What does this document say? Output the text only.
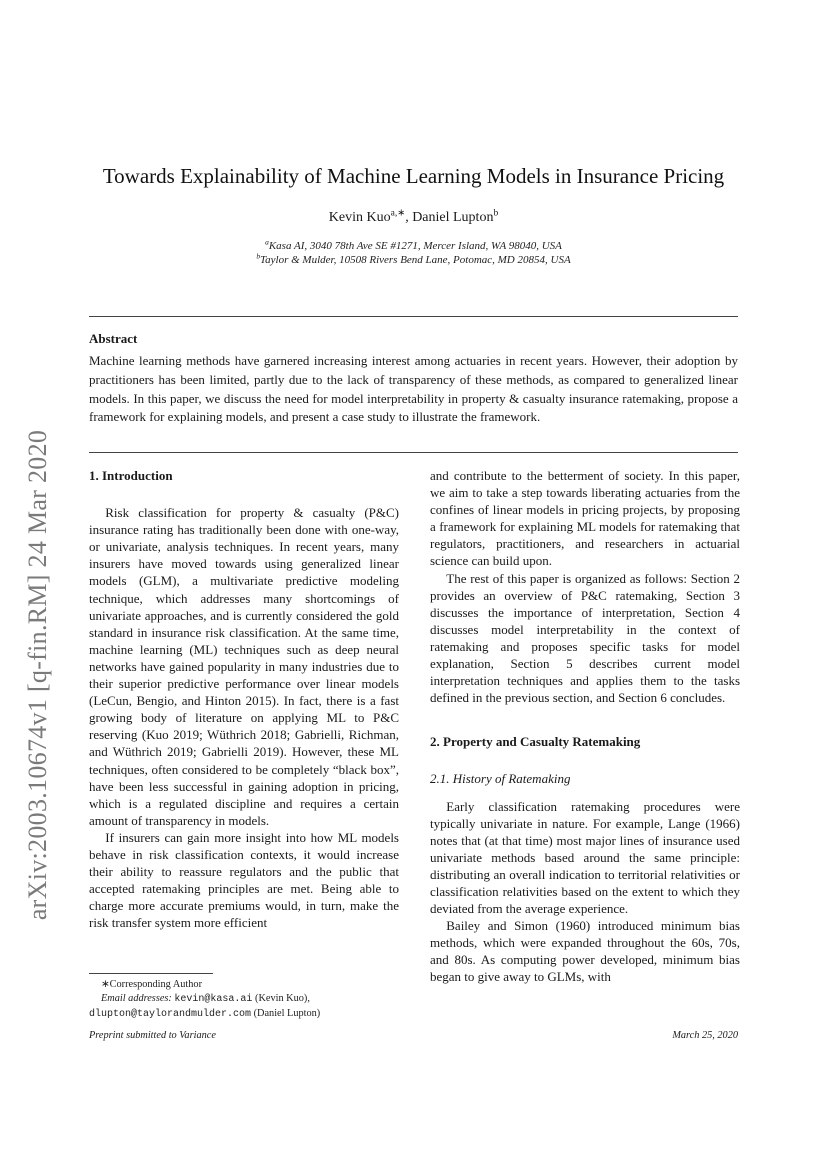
arXiv:2003.10674v1 [q-fin.RM] 24 Mar 2020
Towards Explainability of Machine Learning Models in Insurance Pricing
Kevin Kuo$^{a,∗}$, Daniel Lupton$^b$
$^a$Kasa AI, 3040 78th Ave SE #1271, Mercer Island, WA 98040, USA
$^b$Taylor & Mulder, 10508 Rivers Bend Lane, Potomac, MD 20854, USA
Abstract
Machine learning methods have garnered increasing interest among actuaries in recent years. However, their adoption by practitioners has been limited, partly due to the lack of transparency of these methods, as compared to generalized linear models. In this paper, we discuss the need for model interpretability in property & casualty insurance ratemaking, propose a framework for explaining models, and present a case study to illustrate the framework.
1. Introduction

Risk classification for property & casualty (P&C) insurance rating has traditionally been done with one-way, or univariate, analysis techniques. In recent years, many insurers have moved towards using generalized linear models (GLM), a multivariate predictive modeling technique, which addresses many shortcomings of univariate approaches, and is currently considered the gold standard in insurance risk classification. At the same time, machine learning (ML) techniques such as deep neural networks have gained popularity in many industries due to their superior predictive performance over linear models (LeCun, Bengio, and Hinton 2015). In fact, there is a fast growing body of literature on applying ML to P&C reserving (Kuo 2019; Wüthrich 2018; Gabrielli, Richman, and Wüthrich 2019; Gabrielli 2019). However, these ML techniques, often considered to be completely “black box”, have been less successful in gaining adoption in pricing, which is a regulated discipline and requires a certain amount of transparency in models.

If insurers can gain more insight into how ML models behave in risk classification contexts, it would increase their ability to reassure regulators and the public that accepted ratemaking principles are met. Being able to charge more accurate premiums would, in turn, make the risk transfer system more efficient

and contribute to the betterment of society. In this paper, we aim to take a step towards liberating actuaries from the confines of linear models in pricing projects, by proposing a framework for explaining ML models for ratemaking that regulators, practitioners, and researchers in actuarial science can build upon.

The rest of this paper is organized as follows: Section 2 provides an overview of P&C ratemaking, Section 3 discusses the importance of interpretation, Section 4 discusses model interpretability in the context of ratemaking and proposes specific tasks for model explanation, Section 5 describes current model interpretation techniques and applies them to the tasks defined in the previous section, and Section 6 concludes.

2. Property and Casualty Ratemaking
2.1. History of Ratemaking

Early classification ratemaking procedures were typically univariate in nature. For example, Lange (1966) notes that (at that time) most major lines of insurance used univariate methods based around the same principle: distributing an overall indication to territorial relativities or classification relativities based on the extent to which they deviated from the average experience.

Bailey and Simon (1960) introduced minimum bias methods, which were expanded throughout the 60s, 70s, and 80s. As computing power developed, minimum bias began to give away to GLMs, with

∗Corresponding Author
Email addresses: kevin@kasa.ai (Kevin Kuo),
dlupton@taylorandmulder.com (Daniel Lupton)
Preprint submitted to Variance	March 25, 2020
